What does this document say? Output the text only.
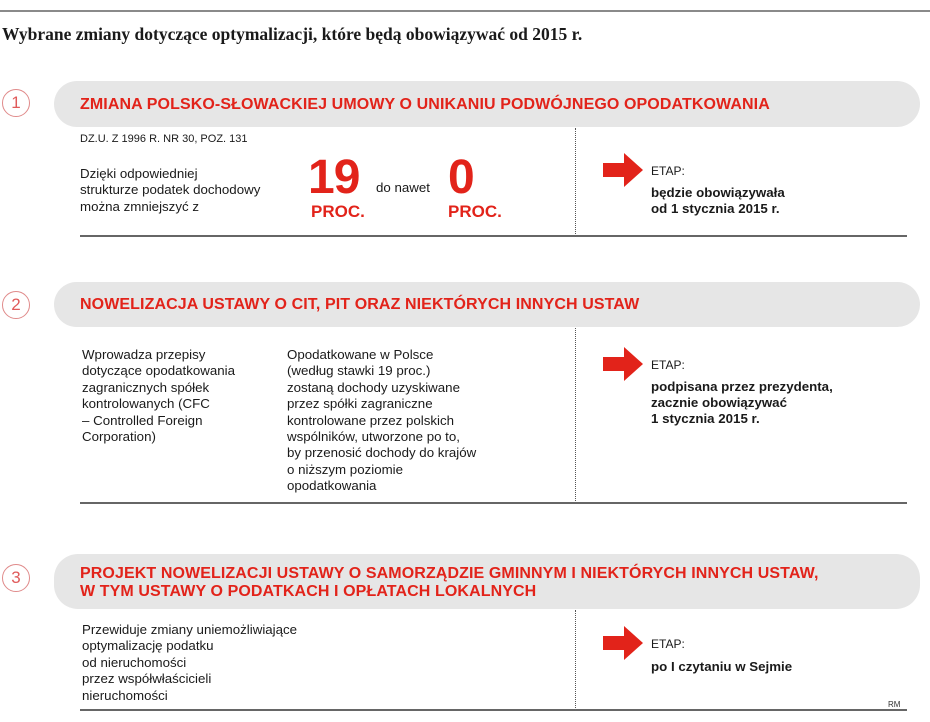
Wybrane zmiany dotyczące optymalizacji, które będą obowiązywać od 2015 r.
1	ZMIANA POLSKO-SŁOWACKIEJ UMOWY O UNIKANIU PODWÓJNEGO OPODATKOWANIA
DZ.U. Z 1996 R. NR 30, POZ. 131
Dzięki odpowiedniej
strukturze podatek dochodowy
można zmniejszyć z
19
PROC.
do nawet 0
PROC.
ETAP:
będzie obowiązywała
od 1 stycznia 2015 r.
2	NOWELIZACJA USTAWY O CIT, PIT ORAZ NIEKTÓRYCH INNYCH USTAW
Wprowadza przepisy
dotyczące opodatkowania
zagranicznych spółek
kontrolowanych (CFC
– Controlled Foreign
Corporation)
Opodatkowane w Polsce
(według stawki 19 proc.)
zostaną dochody uzyskiwane
przez spółki zagraniczne
kontrolowane przez polskich
wspólników, utworzone po to,
by przenosić dochody do krajów
o niższym poziomie
opodatkowania
ETAP:
podpisana przez prezydenta,
zacznie obowiązywać
1 stycznia 2015 r.
3	PROJEKT NOWELIZACJI USTAWY O SAMORZĄDZIE GMINNYM I NIEKTÓRYCH INNYCH USTAW,
W TYM USTAWY O PODATKACH I OPŁATACH LOKALNYCH
Przewiduje zmiany uniemożliwiające
optymalizację podatku
od nieruchomości
przez współwłaścicieli
nieruchomości
ETAP:
po I czytaniu w Sejmie
RM
